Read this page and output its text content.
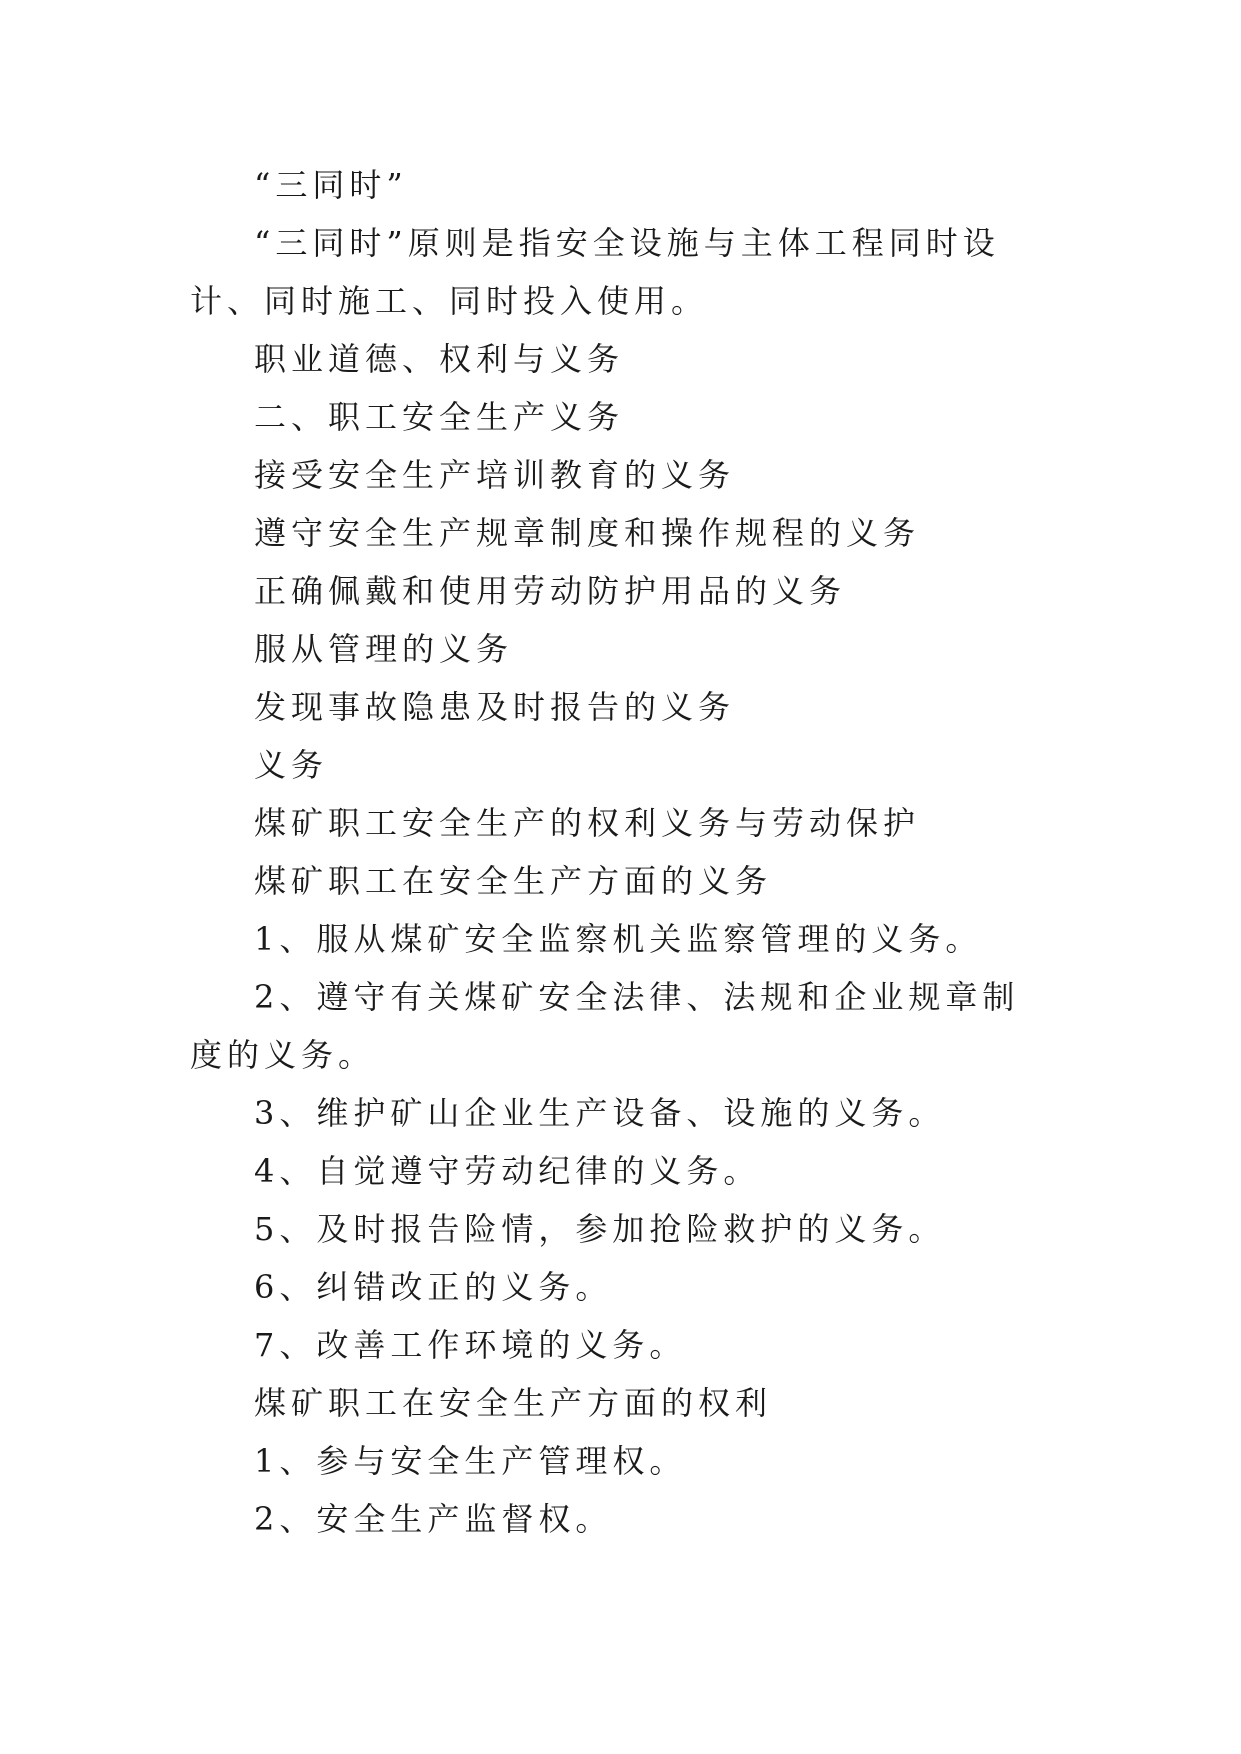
“三同时”

“三同时”原则是指安全设施与主体工程同时设计、同时施工、同时投入使用。

职业道德、权利与义务

二、职工安全生产义务

接受安全生产培训教育的义务

遵守安全生产规章制度和操作规程的义务

正确佩戴和使用劳动防护用品的义务

服从管理的义务

发现事故隐患及时报告的义务

义务

煤矿职工安全生产的权利义务与劳动保护

煤矿职工在安全生产方面的义务

1、服从煤矿安全监察机关监察管理的义务。

2、遵守有关煤矿安全法律、法规和企业规章制度的义务。

3、维护矿山企业生产设备、设施的义务。

4、自觉遵守劳动纪律的义务。

5、及时报告险情，参加抢险救护的义务。

6、纠错改正的义务。

7、改善工作环境的义务。

煤矿职工在安全生产方面的权利

1、参与安全生产管理权。

2、安全生产监督权。
